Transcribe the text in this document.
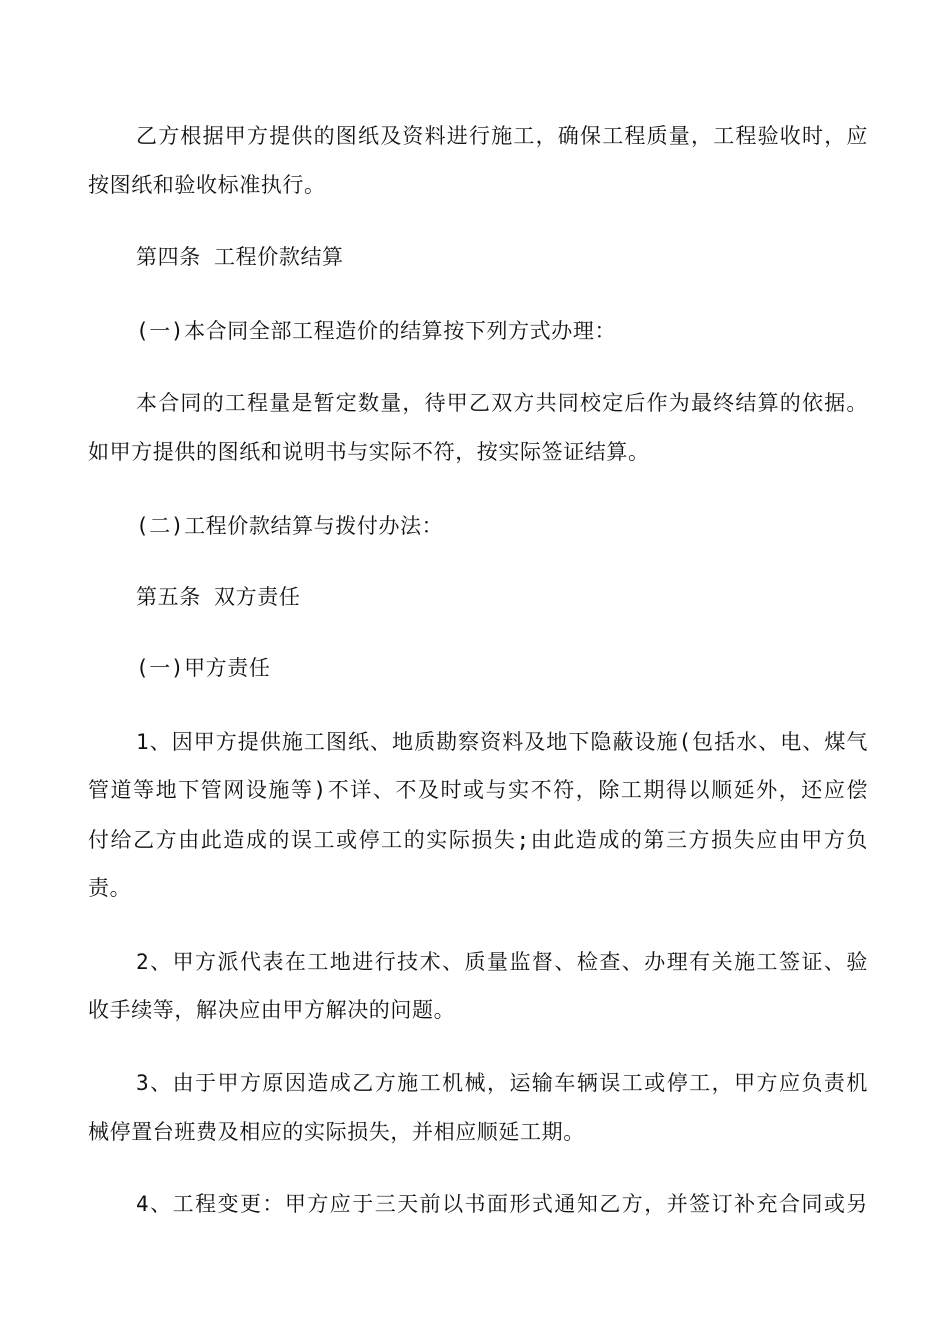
乙方根据甲方提供的图纸及资料进行施工，确保工程质量，工程验收时，应
按图纸和验收标准执行。
第四条 工程价款结算
(一)本合同全部工程造价的结算按下列方式办理：
本合同的工程量是暂定数量，待甲乙双方共同校定后作为最终结算的依据。
如甲方提供的图纸和说明书与实际不符，按实际签证结算。
(二)工程价款结算与拨付办法：
第五条 双方责任
(一)甲方责任
1、因甲方提供施工图纸、地质勘察资料及地下隐蔽设施(包括水、电、煤气
管道等地下管网设施等)不详、不及时或与实不符，除工期得以顺延外，还应偿
付给乙方由此造成的误工或停工的实际损失;由此造成的第三方损失应由甲方负
责。
2、甲方派代表在工地进行技术、质量监督、检查、办理有关施工签证、验
收手续等，解决应由甲方解决的问题。
3、由于甲方原因造成乙方施工机械，运输车辆误工或停工，甲方应负责机
械停置台班费及相应的实际损失，并相应顺延工期。
4、工程变更：甲方应于三天前以书面形式通知乙方，并签订补充合同或另
